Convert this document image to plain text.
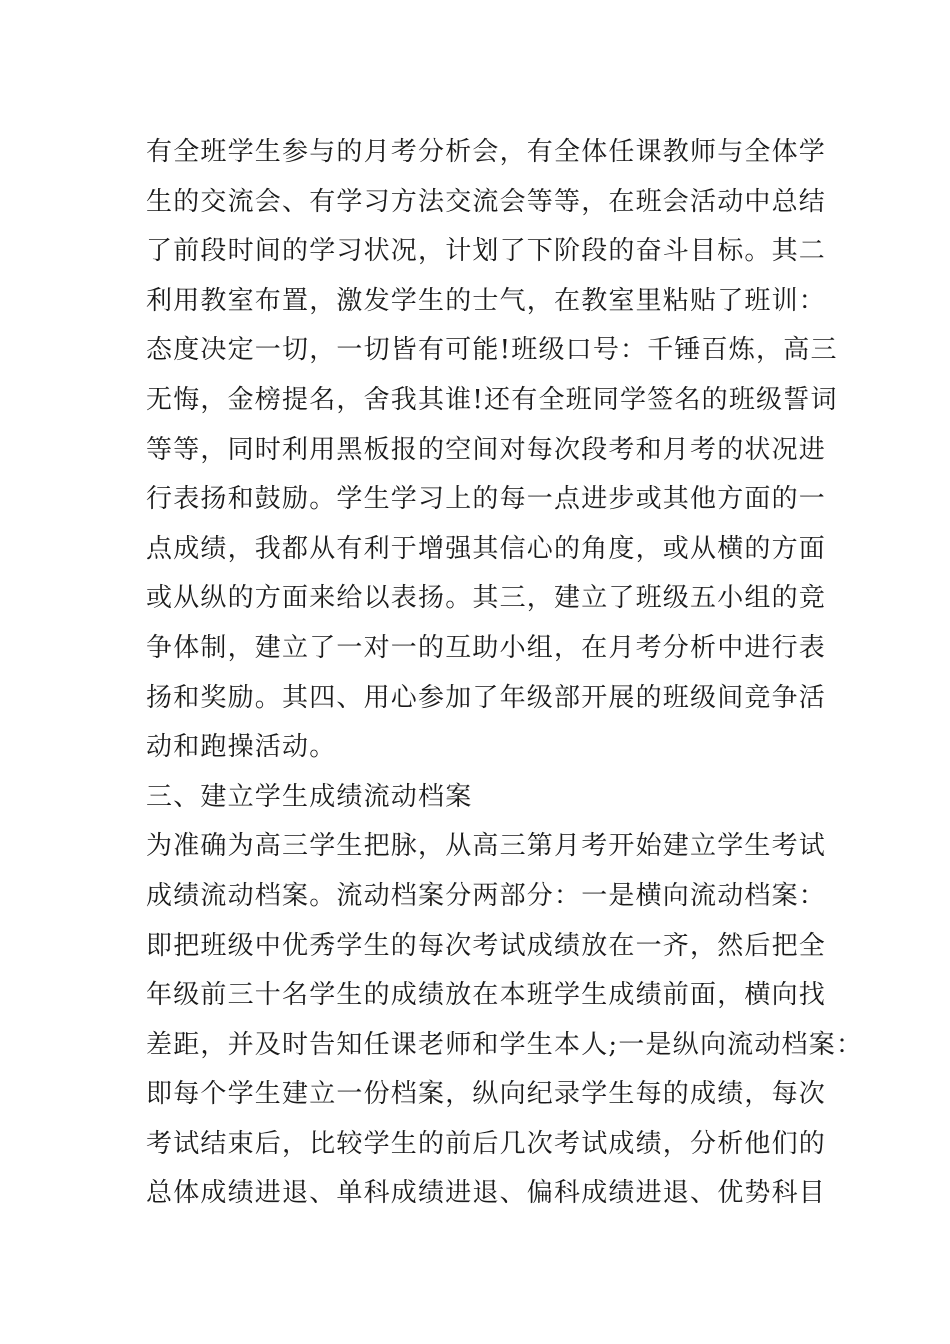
有全班学生参与的月考分析会，有全体任课教师与全体学
生的交流会、有学习方法交流会等等，在班会活动中总结
了前段时间的学习状况，计划了下阶段的奋斗目标。其二
利用教室布置，激发学生的士气，在教室里粘贴了班训：
态度决定一切，一切皆有可能!班级口号：千锤百炼，高三
无悔，金榜提名，舍我其谁!还有全班同学签名的班级誓词
等等，同时利用黑板报的空间对每次段考和月考的状况进
行表扬和鼓励。学生学习上的每一点进步或其他方面的一
点成绩，我都从有利于增强其信心的角度，或从横的方面
或从纵的方面来给以表扬。其三，建立了班级五小组的竞
争体制，建立了一对一的互助小组，在月考分析中进行表
扬和奖励。其四、用心参加了年级部开展的班级间竞争活
动和跑操活动。
三、建立学生成绩流动档案
为准确为高三学生把脉，从高三第月考开始建立学生考试
成绩流动档案。流动档案分两部分：一是横向流动档案：
即把班级中优秀学生的每次考试成绩放在一齐，然后把全
年级前三十名学生的成绩放在本班学生成绩前面，横向找
差距，并及时告知任课老师和学生本人;一是纵向流动档案：
即每个学生建立一份档案，纵向纪录学生每的成绩，每次
考试结束后，比较学生的前后几次考试成绩，分析他们的
总体成绩进退、单科成绩进退、偏科成绩进退、优势科目
